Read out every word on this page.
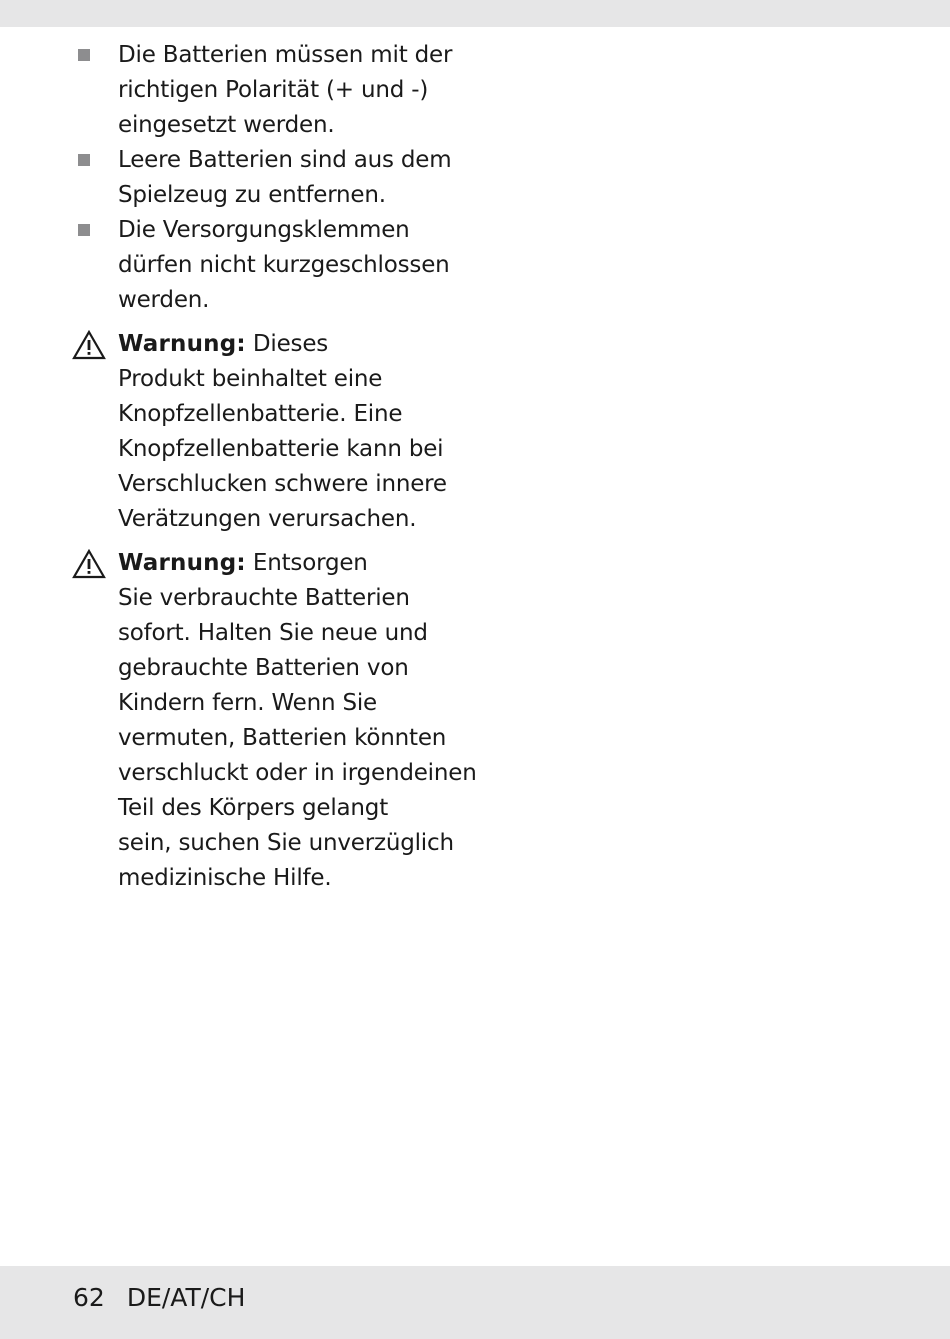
Die Batterien müssen mit der
richtigen Polarität (+ und -)
eingesetzt werden.
Leere Batterien sind aus dem
Spielzeug zu entfernen.
Die Versorgungsklemmen
dürfen nicht kurzgeschlossen
werden.
Warnung: Dieses
Produkt beinhaltet eine
Knopfzellenbatterie. Eine
Knopfzellenbatterie kann bei
Verschlucken schwere innere
Verätzungen verursachen.
Warnung: Entsorgen
Sie verbrauchte Batterien
sofort. Halten Sie neue und
gebrauchte Batterien von
Kindern fern. Wenn Sie
vermuten, Batterien könnten
verschluckt oder in irgendeinen
Teil des Körpers gelangt
sein, suchen Sie unverzüglich
medizinische Hilfe.
62 DE/AT/CH
